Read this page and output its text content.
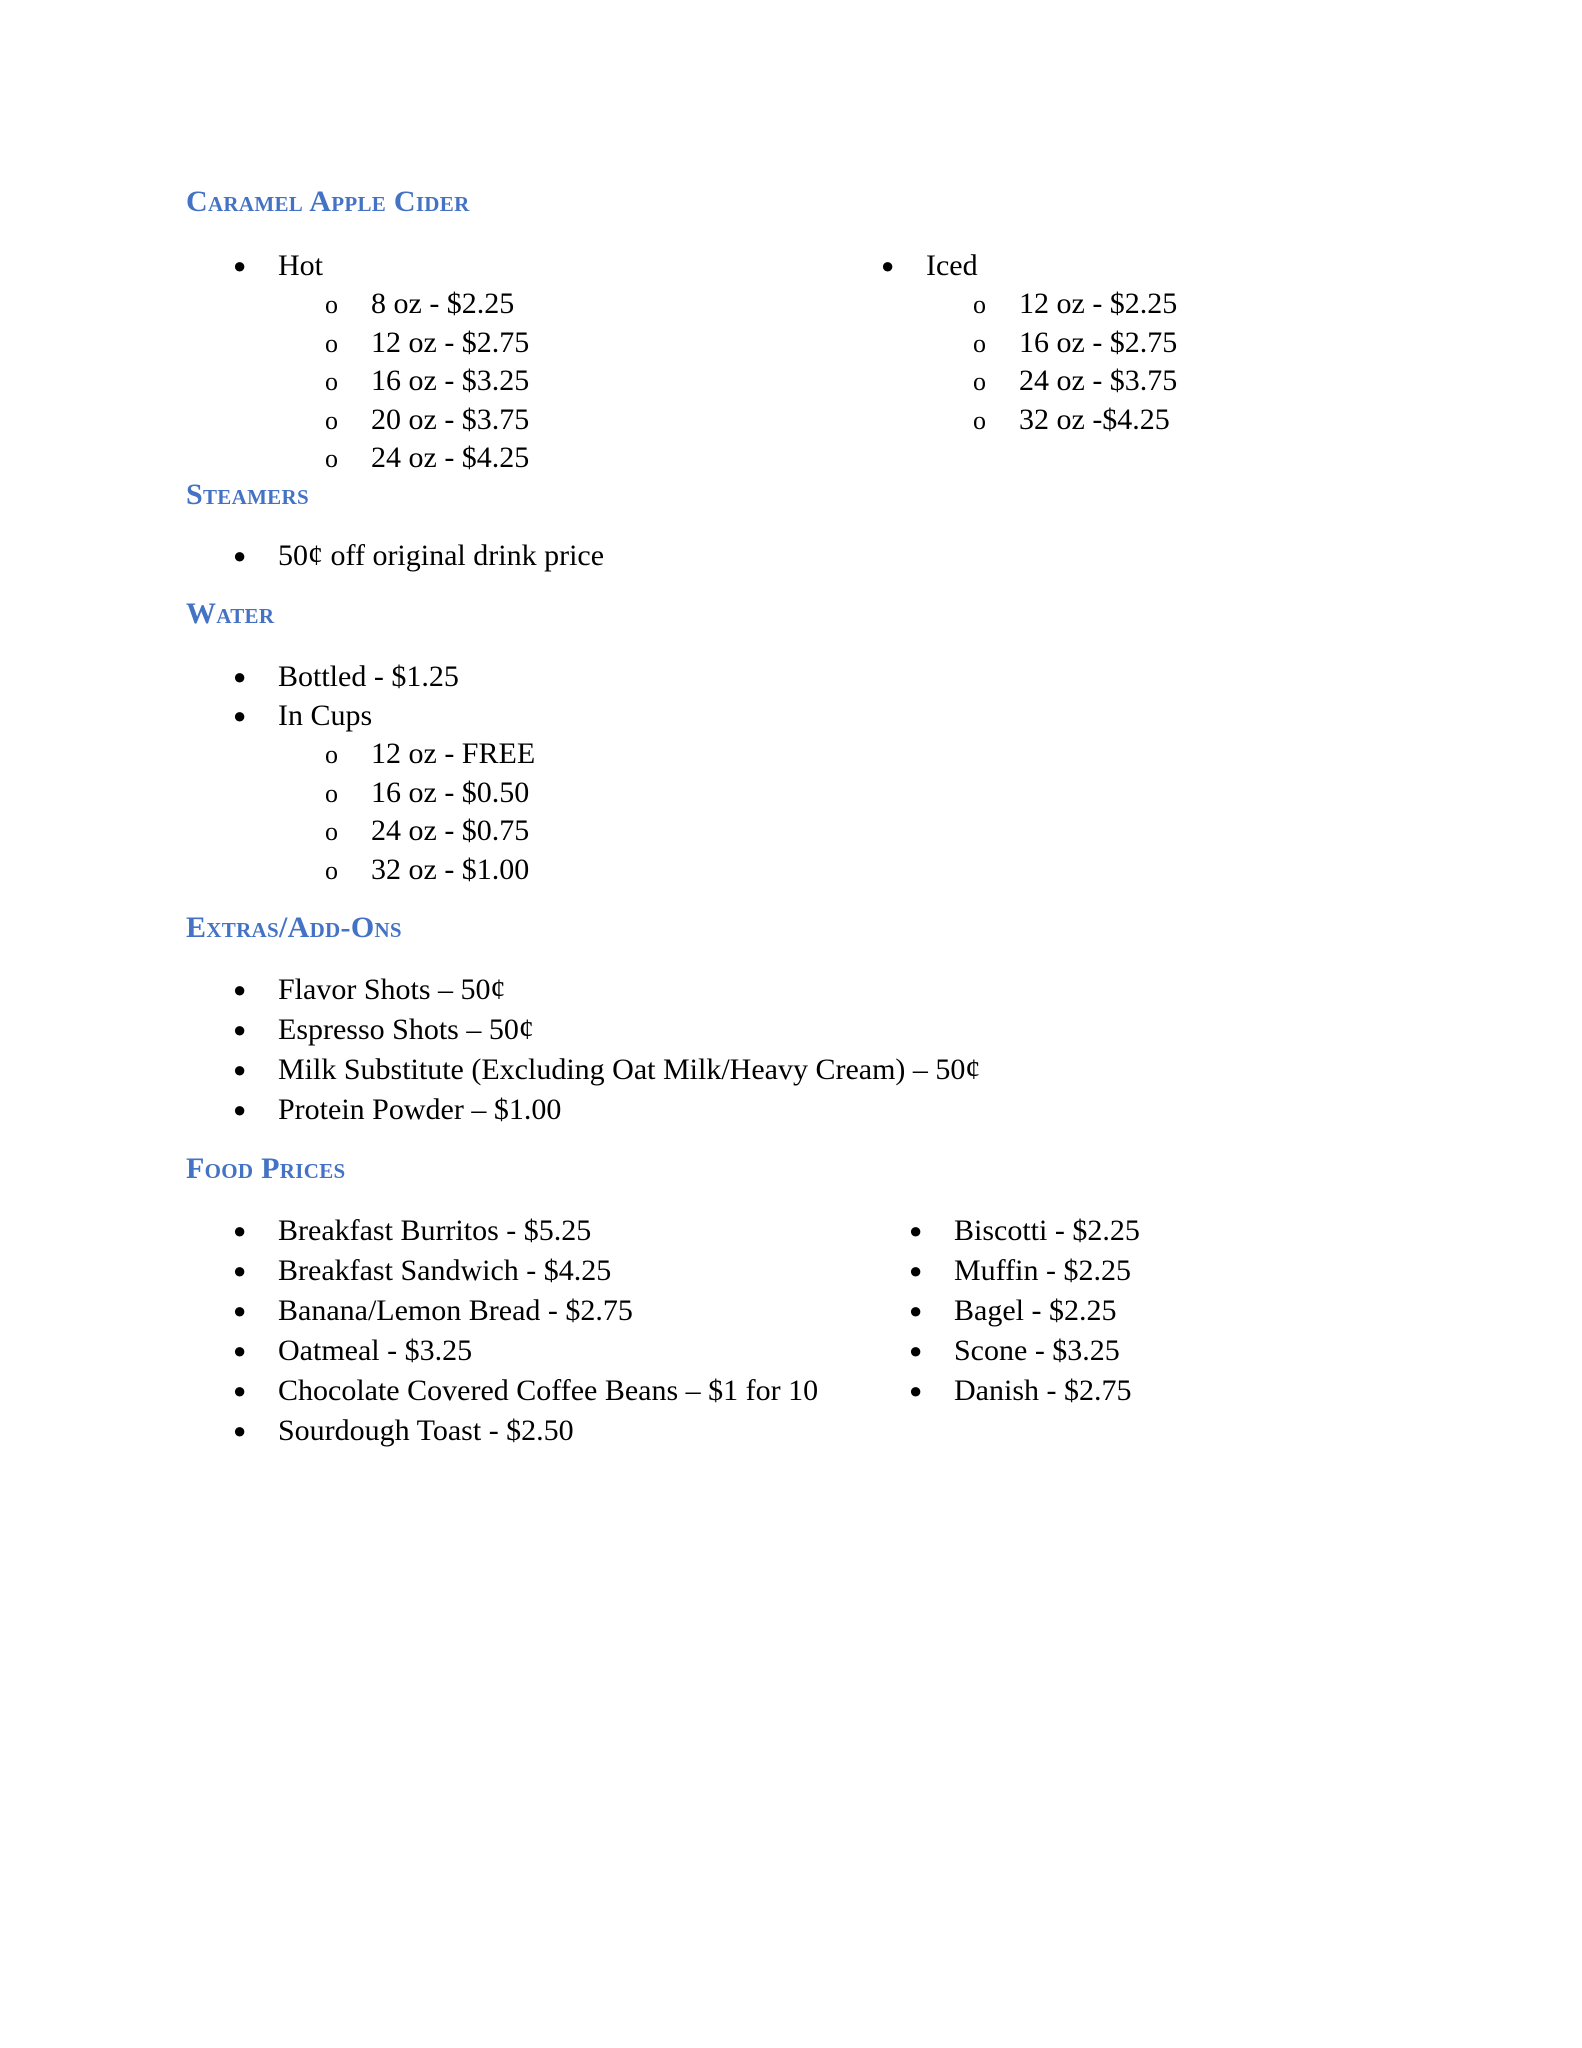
Caramel Apple Cider
● Hot
o 8 oz - $2.25
o 12 oz - $2.75
o 16 oz - $3.25
o 20 oz - $3.75
o 24 oz - $4.25
● Iced
o 12 oz - $2.25
o 16 oz - $2.75
o 24 oz - $3.75
o 32 oz -$4.25
Steamers
● 50¢ off original drink price
Water
● Bottled - $1.25
● In Cups
o 12 oz - FREE
o 16 oz - $0.50
o 24 oz - $0.75
o 32 oz - $1.00
Extras/Add-Ons
● Flavor Shots – 50¢
● Espresso Shots – 50¢
● Milk Substitute (Excluding Oat Milk/Heavy Cream) – 50¢
● Protein Powder – $1.00
Food Prices
● Breakfast Burritos - $5.25
● Breakfast Sandwich - $4.25
● Banana/Lemon Bread - $2.75
● Oatmeal - $3.25
● Chocolate Covered Coffee Beans – $1 for 10
● Sourdough Toast - $2.50
● Biscotti - $2.25
● Muffin - $2.25
● Bagel - $2.25
● Scone - $3.25
● Danish - $2.75
